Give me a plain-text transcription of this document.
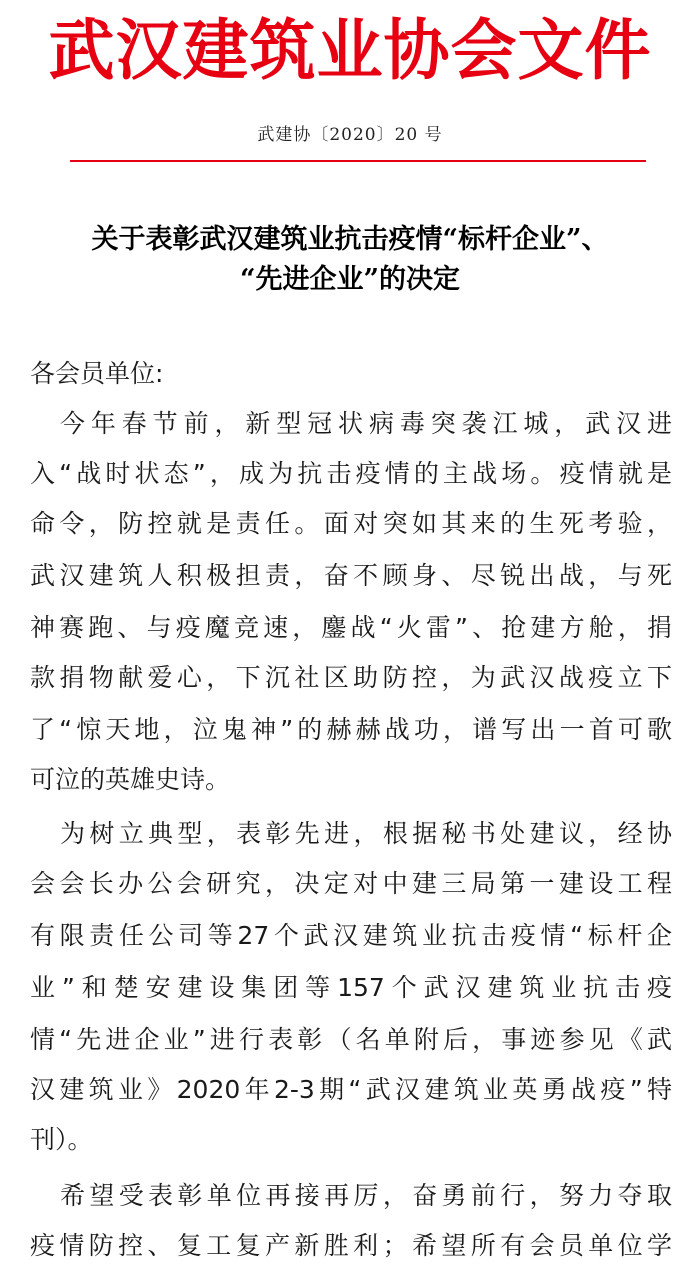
武汉建筑业协会文件
武建协〔2020〕20 号
关于表彰武汉建筑业抗击疫情“标杆企业”、
“先进企业”的决定
各会员单位:
今年春节前，新型冠状病毒突袭江城，武汉进
入“战时状态”，成为抗击疫情的主战场。疫情就是
命令，防控就是责任。面对突如其来的生死考验，
武汉建筑人积极担责，奋不顾身、尽锐出战，与死
神赛跑、与疫魔竞速，鏖战“火雷”、抢建方舱，捐
款捐物献爱心，下沉社区助防控，为武汉战疫立下
了“惊天地，泣鬼神”的赫赫战功，谱写出一首可歌
可泣的英雄史诗。
为树立典型，表彰先进，根据秘书处建议，经协
会会长办公会研究，决定对中建三局第一建设工程
有限责任公司等27个武汉建筑业抗击疫情“标杆企
业”和楚安建设集团等157个武汉建筑业抗击疫
情“先进企业”进行表彰（名单附后，事迹参见《武
汉建筑业》2020年2-3期“武汉建筑业英勇战疫”特
刊）。
希望受表彰单位再接再厉，奋勇前行，努力夺取
疫情防控、复工复产新胜利；希望所有会员单位学
